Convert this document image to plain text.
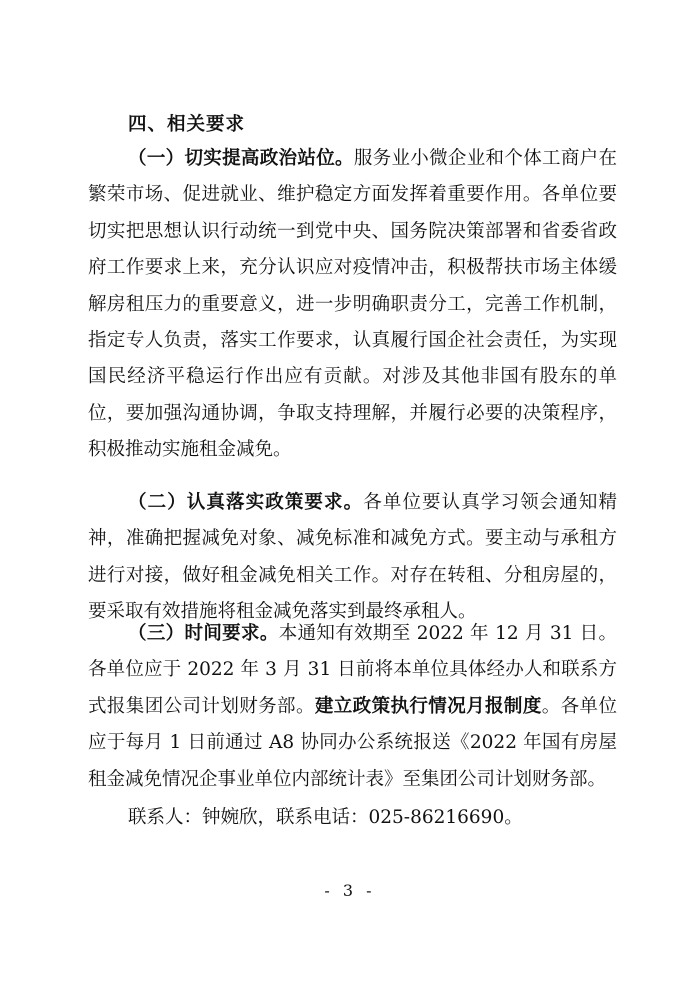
四、相关要求

（一）切实提高政治站位。服务业小微企业和个体工商户在繁荣市场、促进就业、维护稳定方面发挥着重要作用。各单位要切实把思想认识行动统一到党中央、国务院决策部署和省委省政府工作要求上来，充分认识应对疫情冲击，积极帮扶市场主体缓解房租压力的重要意义，进一步明确职责分工，完善工作机制，指定专人负责，落实工作要求，认真履行国企社会责任，为实现国民经济平稳运行作出应有贡献。对涉及其他非国有股东的单位，要加强沟通协调，争取支持理解，并履行必要的决策程序，积极推动实施租金减免。

（二）认真落实政策要求。各单位要认真学习领会通知精神，准确把握减免对象、减免标准和减免方式。要主动与承租方进行对接，做好租金减免相关工作。对存在转租、分租房屋的，要采取有效措施将租金减免落实到最终承租人。

（三）时间要求。本通知有效期至 2022 年 12 月 31 日。各单位应于 2022 年 3 月 31 日前将本单位具体经办人和联系方式报集团公司计划财务部。建立政策执行情况月报制度。各单位应于每月 1 日前通过 A8 协同办公系统报送《2022 年国有房屋租金减免情况企事业单位内部统计表》至集团公司计划财务部。

联系人：钟婉欣，联系电话：025-86216690。

- 3 -
